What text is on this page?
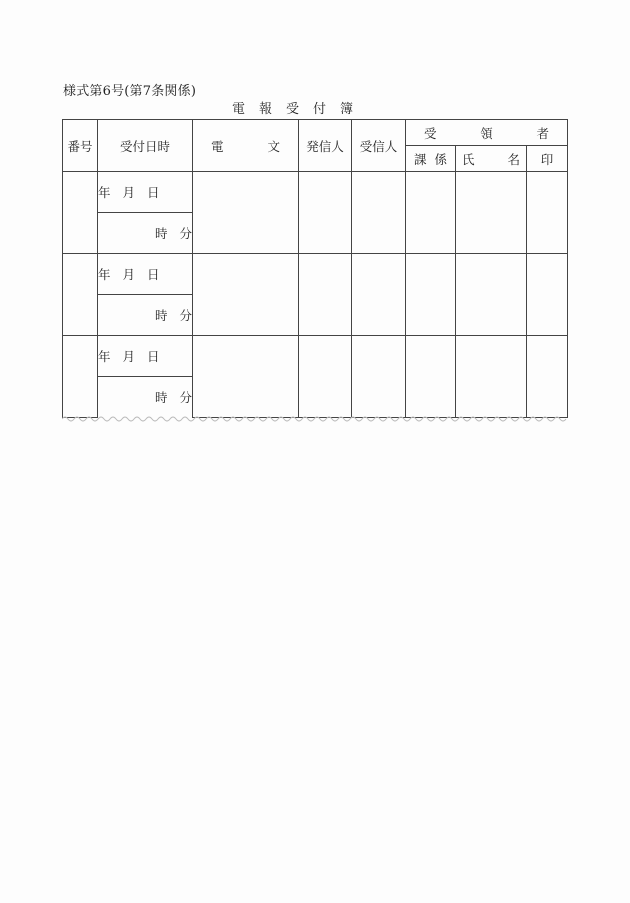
様式第6号(第7条関係)
電 報 受 付 簿
番号	受付日時	電 文	発信人	受信人	受 領 者		

					課 係	氏 名	印
	年 月 日						
	時 分						
	年 月 日						
	時 分						
	年 月 日						
	時 分						
